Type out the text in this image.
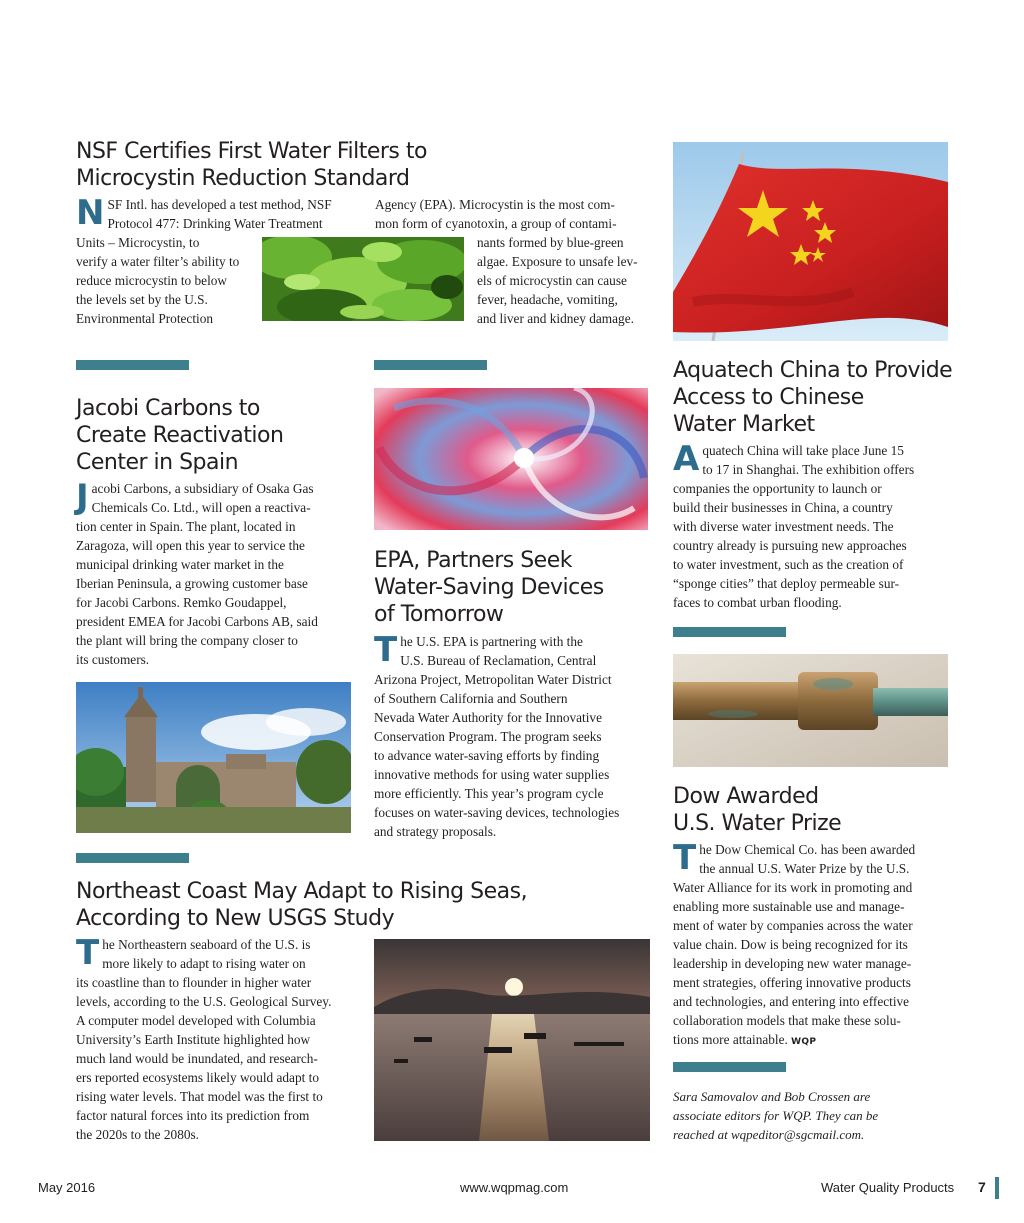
NSF Certifies First Water Filters to
Microcystin Reduction Standard
N SF Intl. has developed a test method, NSF
Protocol 477: Drinking Water Treatment
Units – Microcystin, to
verify a water filter’s ability to
reduce microcystin to below
the levels set by the U.S.
Environmental Protection
Agency (EPA). Microcystin is the most com-
mon form of cyanotoxin, a group of contami-
nants formed by blue-green
algae. Exposure to unsafe lev-
els of microcystin can cause
fever, headache, vomiting,
and liver and kidney damage.
Jacobi Carbons to
Create Reactivation
Center in Spain
J acobi Carbons, a subsidiary of Osaka Gas
Chemicals Co. Ltd., will open a reactiva-
tion center in Spain. The plant, located in
Zaragoza, will open this year to service the
municipal drinking water market in the
Iberian Peninsula, a growing customer base
for Jacobi Carbons. Remko Goudappel,
president EMEA for Jacobi Carbons AB, said
the plant will bring the company closer to
its customers.
EPA, Partners Seek
Water-Saving Devices
of Tomorrow
T he U.S. EPA is partnering with the
U.S. Bureau of Reclamation, Central
Arizona Project, Metropolitan Water District
of Southern California and Southern
Nevada Water Authority for the Innovative
Conservation Program. The program seeks
to advance water-saving efforts by finding
innovative methods for using water supplies
more efficiently. This year’s program cycle
focuses on water-saving devices, technologies
and strategy proposals.
Aquatech China to Provide
Access to Chinese
Water Market
A quatech China will take place June 15
to 17 in Shanghai. The exhibition offers
companies the opportunity to launch or
build their businesses in China, a country
with diverse water investment needs. The
country already is pursuing new approaches
to water investment, such as the creation of
“sponge cities” that deploy permeable sur-
faces to combat urban flooding.
Dow Awarded
U.S. Water Prize
T he Dow Chemical Co. has been awarded
the annual U.S. Water Prize by the U.S.
Water Alliance for its work in promoting and
enabling more sustainable use and manage-
ment of water by companies across the water
value chain. Dow is being recognized for its
leadership in developing new water manage-
ment strategies, offering innovative products
and technologies, and entering into effective
collaboration models that make these solu-
tions more attainable. WQP
Sara Samovalov and Bob Crossen are
associate editors for WQP. They can be
reached at wqpeditor@sgcmail.com.
Northeast Coast May Adapt to Rising Seas,
According to New USGS Study
T he Northeastern seaboard of the U.S. is
more likely to adapt to rising water on
its coastline than to flounder in higher water
levels, according to the U.S. Geological Survey.
A computer model developed with Columbia
University’s Earth Institute highlighted how
much land would be inundated, and research-
ers reported ecosystems likely would adapt to
rising water levels. That model was the first to
factor natural forces into its prediction from
the 2020s to the 2080s.
May 2016	www.wqpmag.com	Water Quality Products 7
